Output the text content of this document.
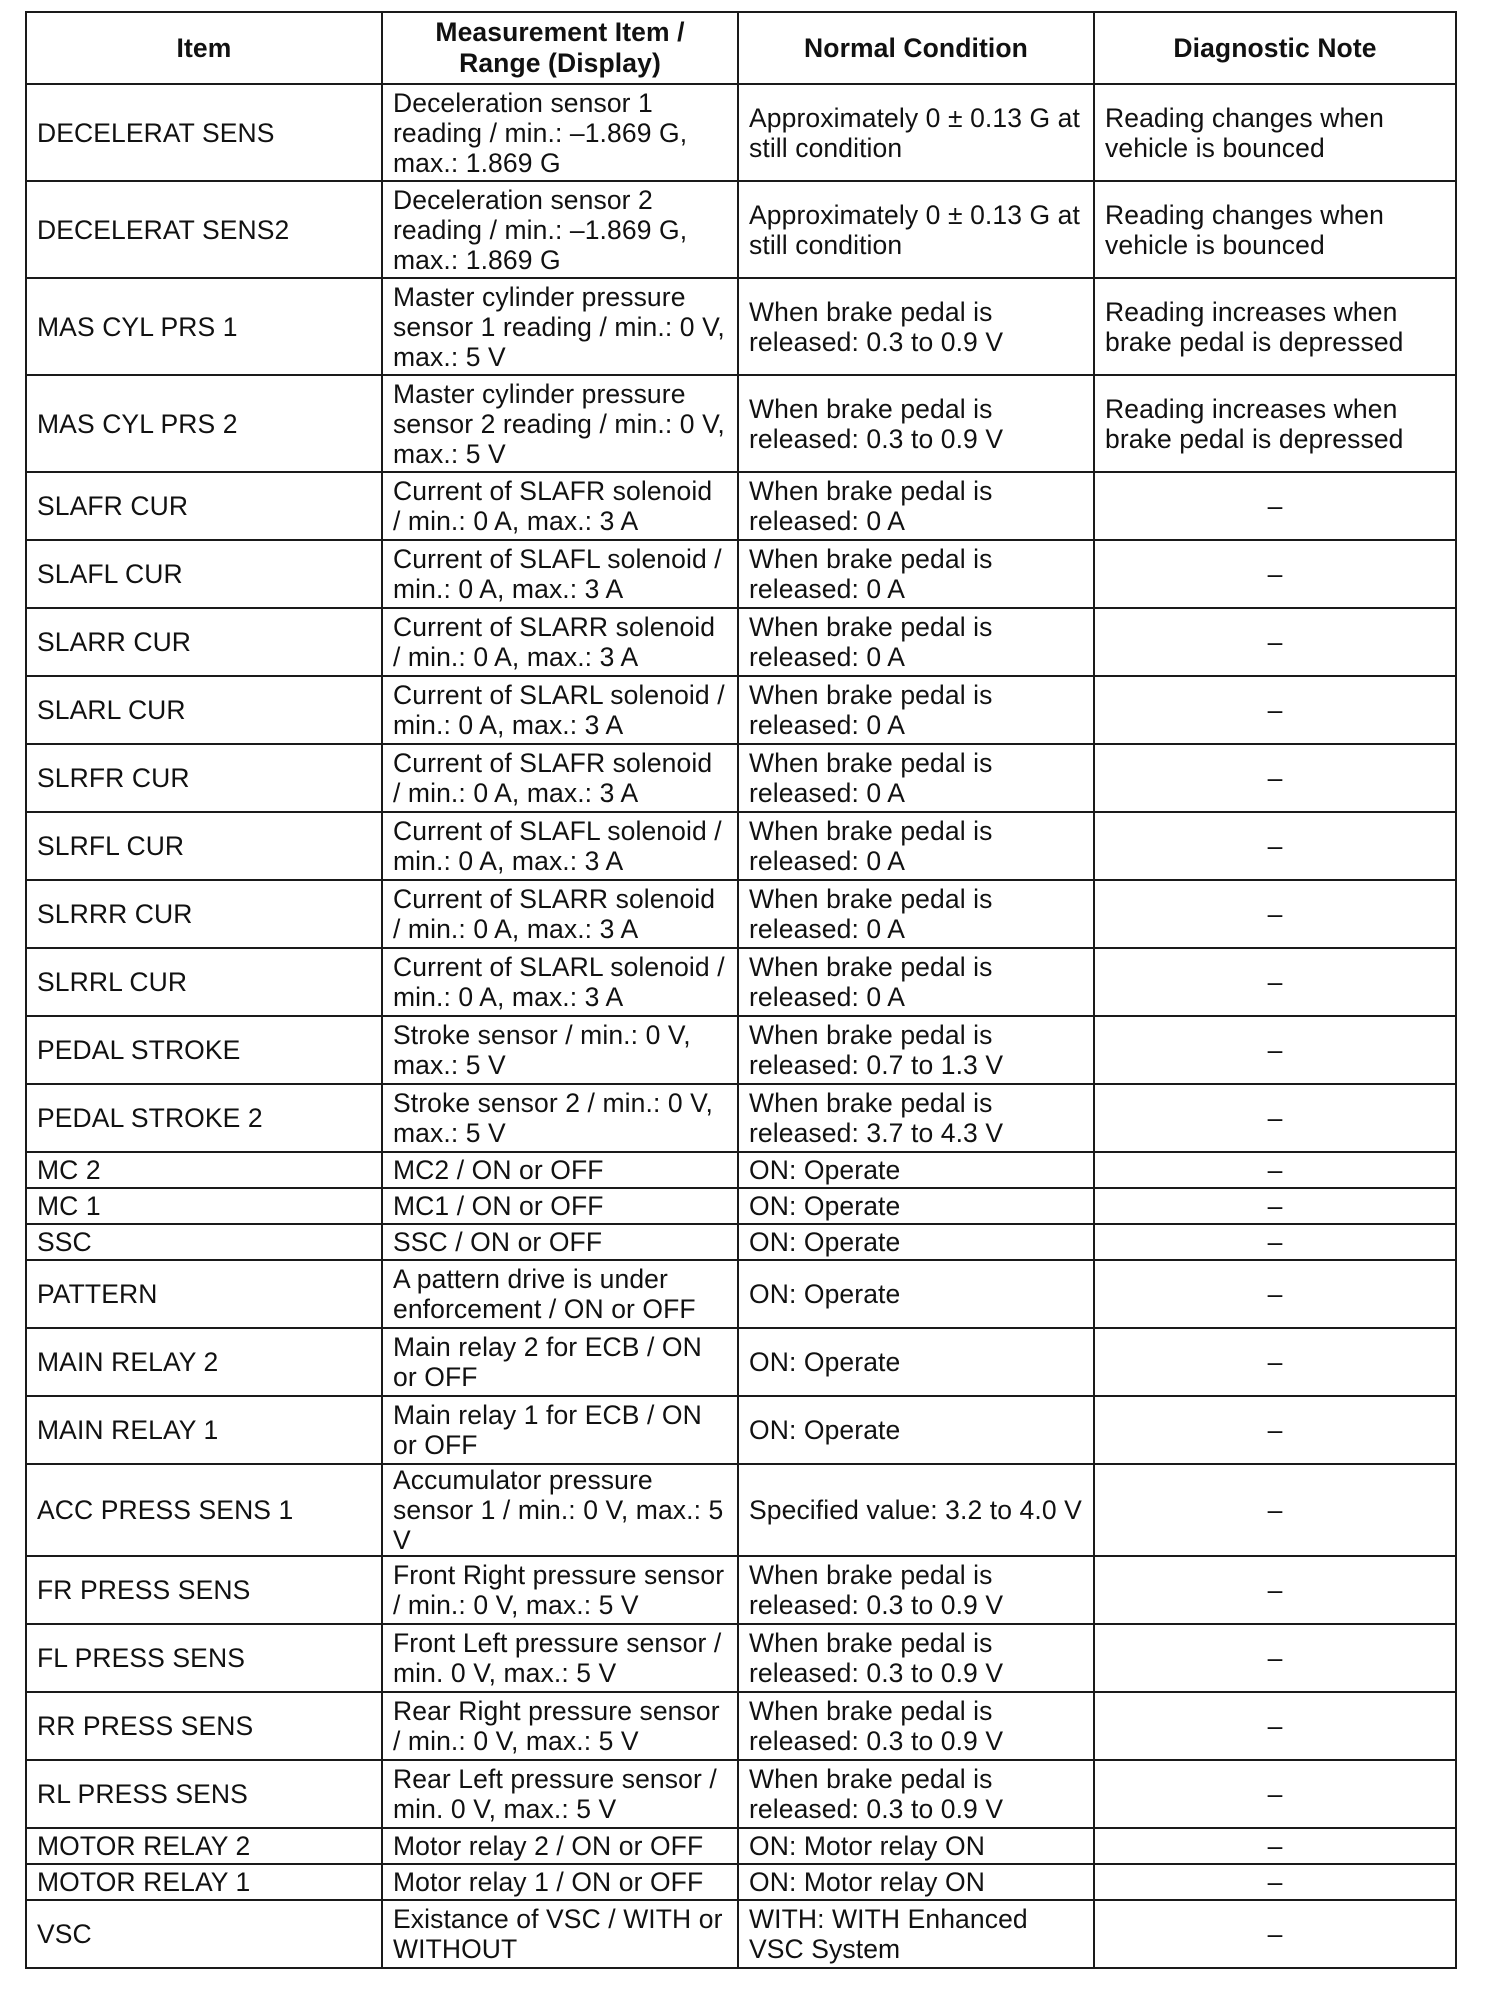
Item	Measurement Item / Range (Display)	Normal Condition	Diagnostic Note
DECELERAT SENS	Deceleration sensor 1 reading / min.: –1.869 G, max.: 1.869 G	Approximately 0 ± 0.13 G at still condition	Reading changes when vehicle is bounced
DECELERAT SENS2	Deceleration sensor 2 reading / min.: –1.869 G, max.: 1.869 G	Approximately 0 ± 0.13 G at still condition	Reading changes when vehicle is bounced
MAS CYL PRS 1	Master cylinder pressure sensor 1 reading / min.: 0 V, max.: 5 V	When brake pedal is released: 0.3 to 0.9 V	Reading increases when brake pedal is depressed
MAS CYL PRS 2	Master cylinder pressure sensor 2 reading / min.: 0 V, max.: 5 V	When brake pedal is released: 0.3 to 0.9 V	Reading increases when brake pedal is depressed
SLAFR CUR	Current of SLAFR solenoid / min.: 0 A, max.: 3 A	When brake pedal is released: 0 A	–
SLAFL CUR	Current of SLAFL solenoid / min.: 0 A, max.: 3 A	When brake pedal is released: 0 A	–
SLARR CUR	Current of SLARR solenoid / min.: 0 A, max.: 3 A	When brake pedal is released: 0 A	–
SLARL CUR	Current of SLARL solenoid / min.: 0 A, max.: 3 A	When brake pedal is released: 0 A	–
SLRFR CUR	Current of SLAFR solenoid / min.: 0 A, max.: 3 A	When brake pedal is released: 0 A	–
SLRFL CUR	Current of SLAFL solenoid / min.: 0 A, max.: 3 A	When brake pedal is released: 0 A	–
SLRRR CUR	Current of SLARR solenoid / min.: 0 A, max.: 3 A	When brake pedal is released: 0 A	–
SLRRL CUR	Current of SLARL solenoid / min.: 0 A, max.: 3 A	When brake pedal is released: 0 A	–
PEDAL STROKE	Stroke sensor / min.: 0 V, max.: 5 V	When brake pedal is released: 0.7 to 1.3 V	–
PEDAL STROKE 2	Stroke sensor 2 / min.: 0 V, max.: 5 V	When brake pedal is released: 3.7 to 4.3 V	–
MC 2	MC2 / ON or OFF	ON: Operate	–
MC 1	MC1 / ON or OFF	ON: Operate	–
SSC	SSC / ON or OFF	ON: Operate	–
PATTERN	A pattern drive is under enforcement / ON or OFF	ON: Operate	–
MAIN RELAY 2	Main relay 2 for ECB / ON or OFF	ON: Operate	–
MAIN RELAY 1	Main relay 1 for ECB / ON or OFF	ON: Operate	–
ACC PRESS SENS 1	Accumulator pressure sensor 1 / min.: 0 V, max.: 5 V	Specified value: 3.2 to 4.0 V	–
FR PRESS SENS	Front Right pressure sensor / min.: 0 V, max.: 5 V	When brake pedal is released: 0.3 to 0.9 V	–
FL PRESS SENS	Front Left pressure sensor / min. 0 V, max.: 5 V	When brake pedal is released: 0.3 to 0.9 V	–
RR PRESS SENS	Rear Right pressure sensor / min.: 0 V, max.: 5 V	When brake pedal is released: 0.3 to 0.9 V	–
RL PRESS SENS	Rear Left pressure sensor / min. 0 V, max.: 5 V	When brake pedal is released: 0.3 to 0.9 V	–
MOTOR RELAY 2	Motor relay 2 / ON or OFF	ON: Motor relay ON	–
MOTOR RELAY 1	Motor relay 1 / ON or OFF	ON: Motor relay ON	–
VSC	Existance of VSC / WITH or WITHOUT	WITH: WITH Enhanced VSC System	–
